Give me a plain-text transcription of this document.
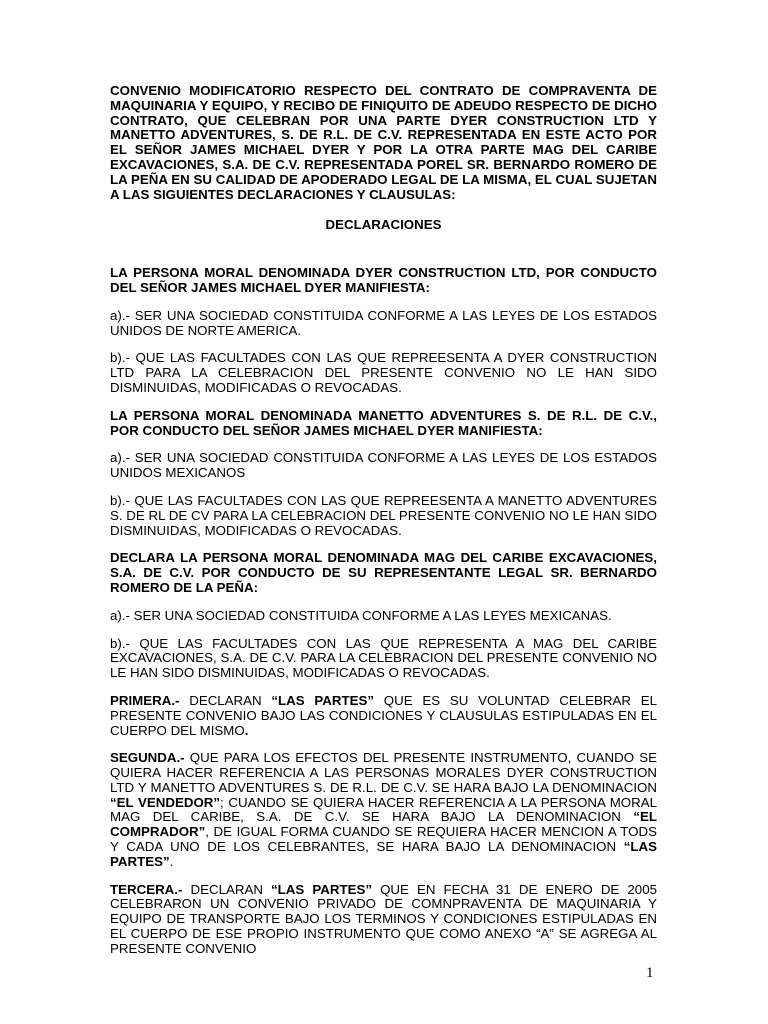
CONVENIO MODIFICATORIO RESPECTO DEL CONTRATO DE COMPRAVENTA DE MAQUINARIA Y EQUIPO, Y RECIBO DE FINIQUITO DE ADEUDO RESPECTO DE DICHO CONTRATO, QUE CELEBRAN POR UNA PARTE DYER CONSTRUCTION LTD Y MANETTO ADVENTURES, S. DE R.L. DE C.V. REPRESENTADA EN ESTE ACTO POR EL SEÑOR JAMES MICHAEL DYER Y POR LA OTRA PARTE MAG DEL CARIBE EXCAVACIONES, S.A. DE C.V. REPRESENTADA POREL SR. BERNARDO ROMERO DE LA PEÑA EN SU CALIDAD DE APODERADO LEGAL DE LA MISMA, EL CUAL SUJETAN A LAS SIGUIENTES DECLARACIONES Y CLAUSULAS:

DECLARACIONES

LA PERSONA MORAL DENOMINADA DYER CONSTRUCTION LTD, POR CONDUCTO DEL SEÑOR JAMES MICHAEL DYER MANIFIESTA:

a).- SER UNA SOCIEDAD CONSTITUIDA CONFORME A LAS LEYES DE LOS ESTADOS UNIDOS DE NORTE AMERICA.

b).- QUE LAS FACULTADES CON LAS QUE REPREESENTA A DYER CONSTRUCTION LTD PARA LA CELEBRACION DEL PRESENTE CONVENIO NO LE HAN SIDO DISMINUIDAS, MODIFICADAS O REVOCADAS.

LA PERSONA MORAL DENOMINADA MANETTO ADVENTURES S. DE R.L. DE C.V., POR CONDUCTO DEL SEÑOR JAMES MICHAEL DYER MANIFIESTA:

a).- SER UNA SOCIEDAD CONSTITUIDA CONFORME A LAS LEYES DE LOS ESTADOS UNIDOS MEXICANOS

b).- QUE LAS FACULTADES CON LAS QUE REPREESENTA A MANETTO ADVENTURES S. DE RL DE CV PARA LA CELEBRACION DEL PRESENTE CONVENIO NO LE HAN SIDO DISMINUIDAS, MODIFICADAS O REVOCADAS.

DECLARA LA PERSONA MORAL DENOMINADA MAG DEL CARIBE EXCAVACIONES, S.A. DE C.V. POR CONDUCTO DE SU REPRESENTANTE LEGAL SR. BERNARDO ROMERO DE LA PEÑA:

a).- SER UNA SOCIEDAD CONSTITUIDA CONFORME A LAS LEYES MEXICANAS.

b).- QUE LAS FACULTADES CON LAS QUE REPRESENTA A MAG DEL CARIBE EXCAVACIONES, S.A. DE C.V. PARA LA CELEBRACION DEL PRESENTE CONVENIO NO LE HAN SIDO DISMINUIDAS, MODIFICADAS O REVOCADAS.

PRIMERA.- DECLARAN “LAS PARTES” QUE ES SU VOLUNTAD CELEBRAR EL PRESENTE CONVENIO BAJO LAS CONDICIONES Y CLAUSULAS ESTIPULADAS EN EL CUERPO DEL MISMO.

SEGUNDA.- QUE PARA LOS EFECTOS DEL PRESENTE INSTRUMENTO, CUANDO SE QUIERA HACER REFERENCIA A LAS PERSONAS MORALES DYER CONSTRUCTION LTD Y MANETTO ADVENTURES S. DE R.L. DE C.V. SE HARA BAJO LA DENOMINACION “EL VENDEDOR”; CUANDO SE QUIERA HACER REFERENCIA A LA PERSONA MORAL MAG DEL CARIBE, S.A. DE C.V. SE HARA BAJO LA DENOMINACION “EL COMPRADOR”, DE IGUAL FORMA CUANDO SE REQUIERA HACER MENCION A TODS Y CADA UNO DE LOS CELEBRANTES, SE HARA BAJO LA DENOMINACION “LAS PARTES”.

TERCERA.- DECLARAN “LAS PARTES” QUE EN FECHA 31 DE ENERO DE 2005 CELEBRARON UN CONVENIO PRIVADO DE COMNPRAVENTA DE MAQUINARIA Y EQUIPO DE TRANSPORTE BAJO LOS TERMINOS Y CONDICIONES ESTIPULADAS EN EL CUERPO DE ESE PROPIO INSTRUMENTO QUE COMO ANEXO “A” SE AGREGA AL PRESENTE CONVENIO

1
